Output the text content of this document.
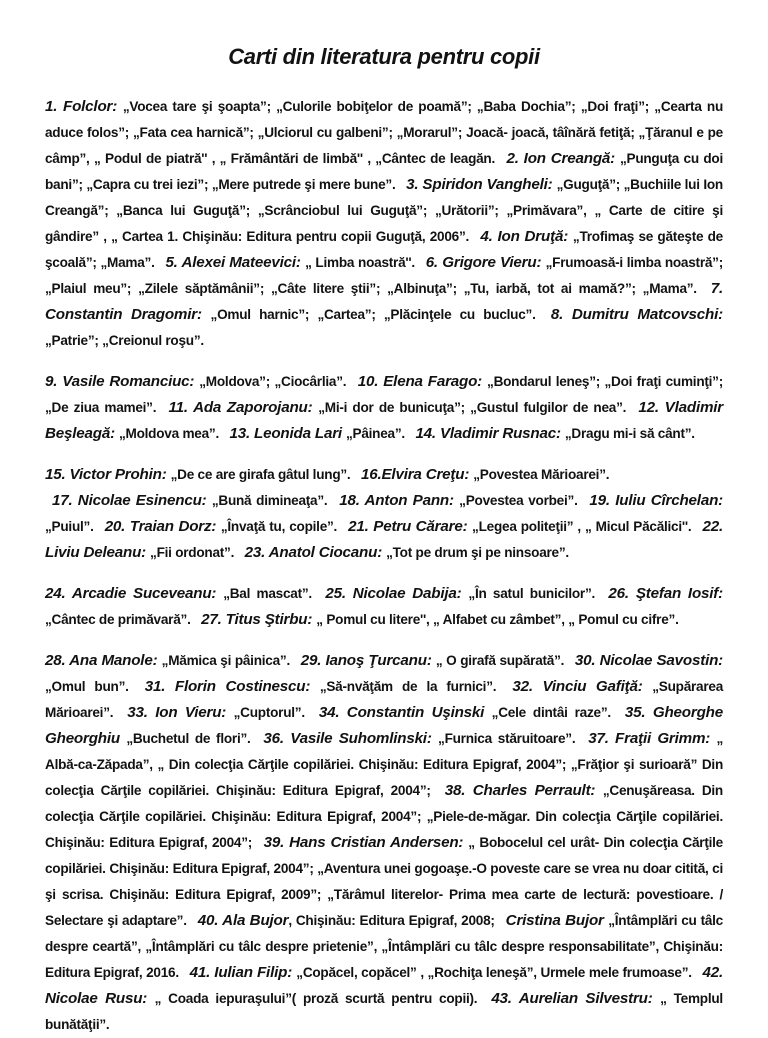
Carti din literatura pentru copii

1. Folclor: „Vocea tare şi şoapta”; „Culorile bobiţelor de poamă”; „Baba Dochia”; „Doi fraţi”; „Cearta nu aduce folos”; „Fata cea harnică”; „Ulciorul cu galbeni”; „Morarul”; Joacă- joacă, tâînără fetiţă; „Ţăranul e pe câmp”, „ Podul de piatră'' , „ Frământări de limbă'' , „Cântec de leagăn. 2. Ion Creangă: „Punguţa cu doi bani”; „Capra cu trei iezi”; „Mere putrede şi mere bune”. 3. Spiridon Vangheli: „Guguţă”; „Buchiile lui Ion Creangă”; „Banca lui Guguţă”; „Scrânciobul lui Guguţă”; „Urătorii”; „Primăvara”, „ Carte de citire şi gândire” , „ Cartea 1. Chişinău: Editura pentru copii Guguţă, 2006”. 4. Ion Druţă: „Trofimaş se găteşte de şcoală”; „Mama”. 5. Alexei Mateevici: „ Limba noastră''. 6. Grigore Vieru: „Frumoasă-i limba noastră”; „Plaiul meu”; „Zilele săptămânii”; „Câte litere ştii”; „Albinuţa”; „Tu, iarbă, tot ai mamă?”; „Mama”. 7. Constantin Dragomir: „Omul harnic”; „Cartea”; „Plăcinţele cu bucluc”. 8. Dumitru Matcovschi: „Patrie”; „Creionul roşu”.

9. Vasile Romanciuc: „Moldova”; „Ciocârlia”. 10. Elena Farago: „Bondarul leneş”; „Doi fraţi cuminţi”; „De ziua mamei”. 11. Ada Zaporojanu: „Mi-i dor de bunicuţa”; „Gustul fulgilor de nea”. 12. Vladimir Beşleagă: „Moldova mea”. 13. Leonida Lari „Pâinea”. 14. Vladimir Rusnac: „Dragu mi-i să cânt”.

15. Victor Prohin: „De ce are girafa gâtul lung”. 16.Elvira Creţu: „Povestea Mărioarei”.
17. Nicolae Esinencu: „Bună dimineaţa”. 18. Anton Pann: „Povestea vorbei”. 19. Iuliu Cîrchelan: „Puiul”. 20. Traian Dorz: „Învaţă tu, copile”. 21. Petru Cărare: „Legea politeţii” , „ Micul Păcălici''. 22. Liviu Deleanu: „Fii ordonat”. 23. Anatol Ciocanu: „Tot pe drum şi pe ninsoare”.

24. Arcadie Suceveanu: „Bal mascat”. 25. Nicolae Dabija: „În satul bunicilor”. 26. Ştefan Iosif: „Cântec de primăvară”. 27. Titus Ştirbu: „ Pomul cu litere'', „ Alfabet cu zâmbet”, „ Pomul cu cifre”.

28. Ana Manole: „Mămica şi pâinica”. 29. Ianoş Ţurcanu: „ O girafă supărată”. 30. Nicolae Savostin: „Omul bun”. 31. Florin Costinescu: „Să-nvăţăm de la furnici”. 32. Vinciu Gafiţă: „Supărarea Mărioarei”. 33. Ion Vieru: „Cuptorul”. 34. Constantin Uşinski „Cele dintâi raze”. 35. Gheorghe Gheorghiu „Buchetul de flori”. 36. Vasile Suhomlinski: „Furnica stăruitoare”. 37. Fraţii Grimm: „ Albă-ca-Zăpada”, „ Din colecţia Cărţile copilăriei. Chişinău: Editura Epigraf, 2004”; „Frăţior şi surioară” Din colecţia Cărţile copilăriei. Chişinău: Editura Epigraf, 2004”; 38. Charles Perrault: „Cenuşăreasa. Din colecţia Cărţile copilăriei. Chişinău: Editura Epigraf, 2004”; „Piele-de-măgar. Din colecţia Cărţile copilăriei. Chişinău: Editura Epigraf, 2004”; 39. Hans Cristian Andersen: „ Bobocelul cel urât- Din colecţia Cărţile copilăriei. Chişinău: Editura Epigraf, 2004”; „Aventura unei gogoaşe.-O poveste care se vrea nu doar citită, ci şi scrisa. Chişinău: Editura Epigraf, 2009”; „Tărâmul literelor- Prima mea carte de lectură: povestioare. / Selectare şi adaptare”. 40. Ala Bujor, Chişinău: Editura Epigraf, 2008; Cristina Bujor „Întâmplări cu tâlc despre ceartă”, „Întâmplări cu tâlc despre prietenie”, „Întâmplări cu tâlc despre responsabilitate”, Chişinău: Editura Epigraf, 2016. 41. Iulian Filip: „Copăcel, copăcel” , „Rochiţa leneşă”, Urmele mele frumoase”. 42. Nicolae Rusu: „ Coada iepuraşului”( proză scurtă pentru copii). 43. Aurelian Silvestru: „ Templul bunătăţii”.
